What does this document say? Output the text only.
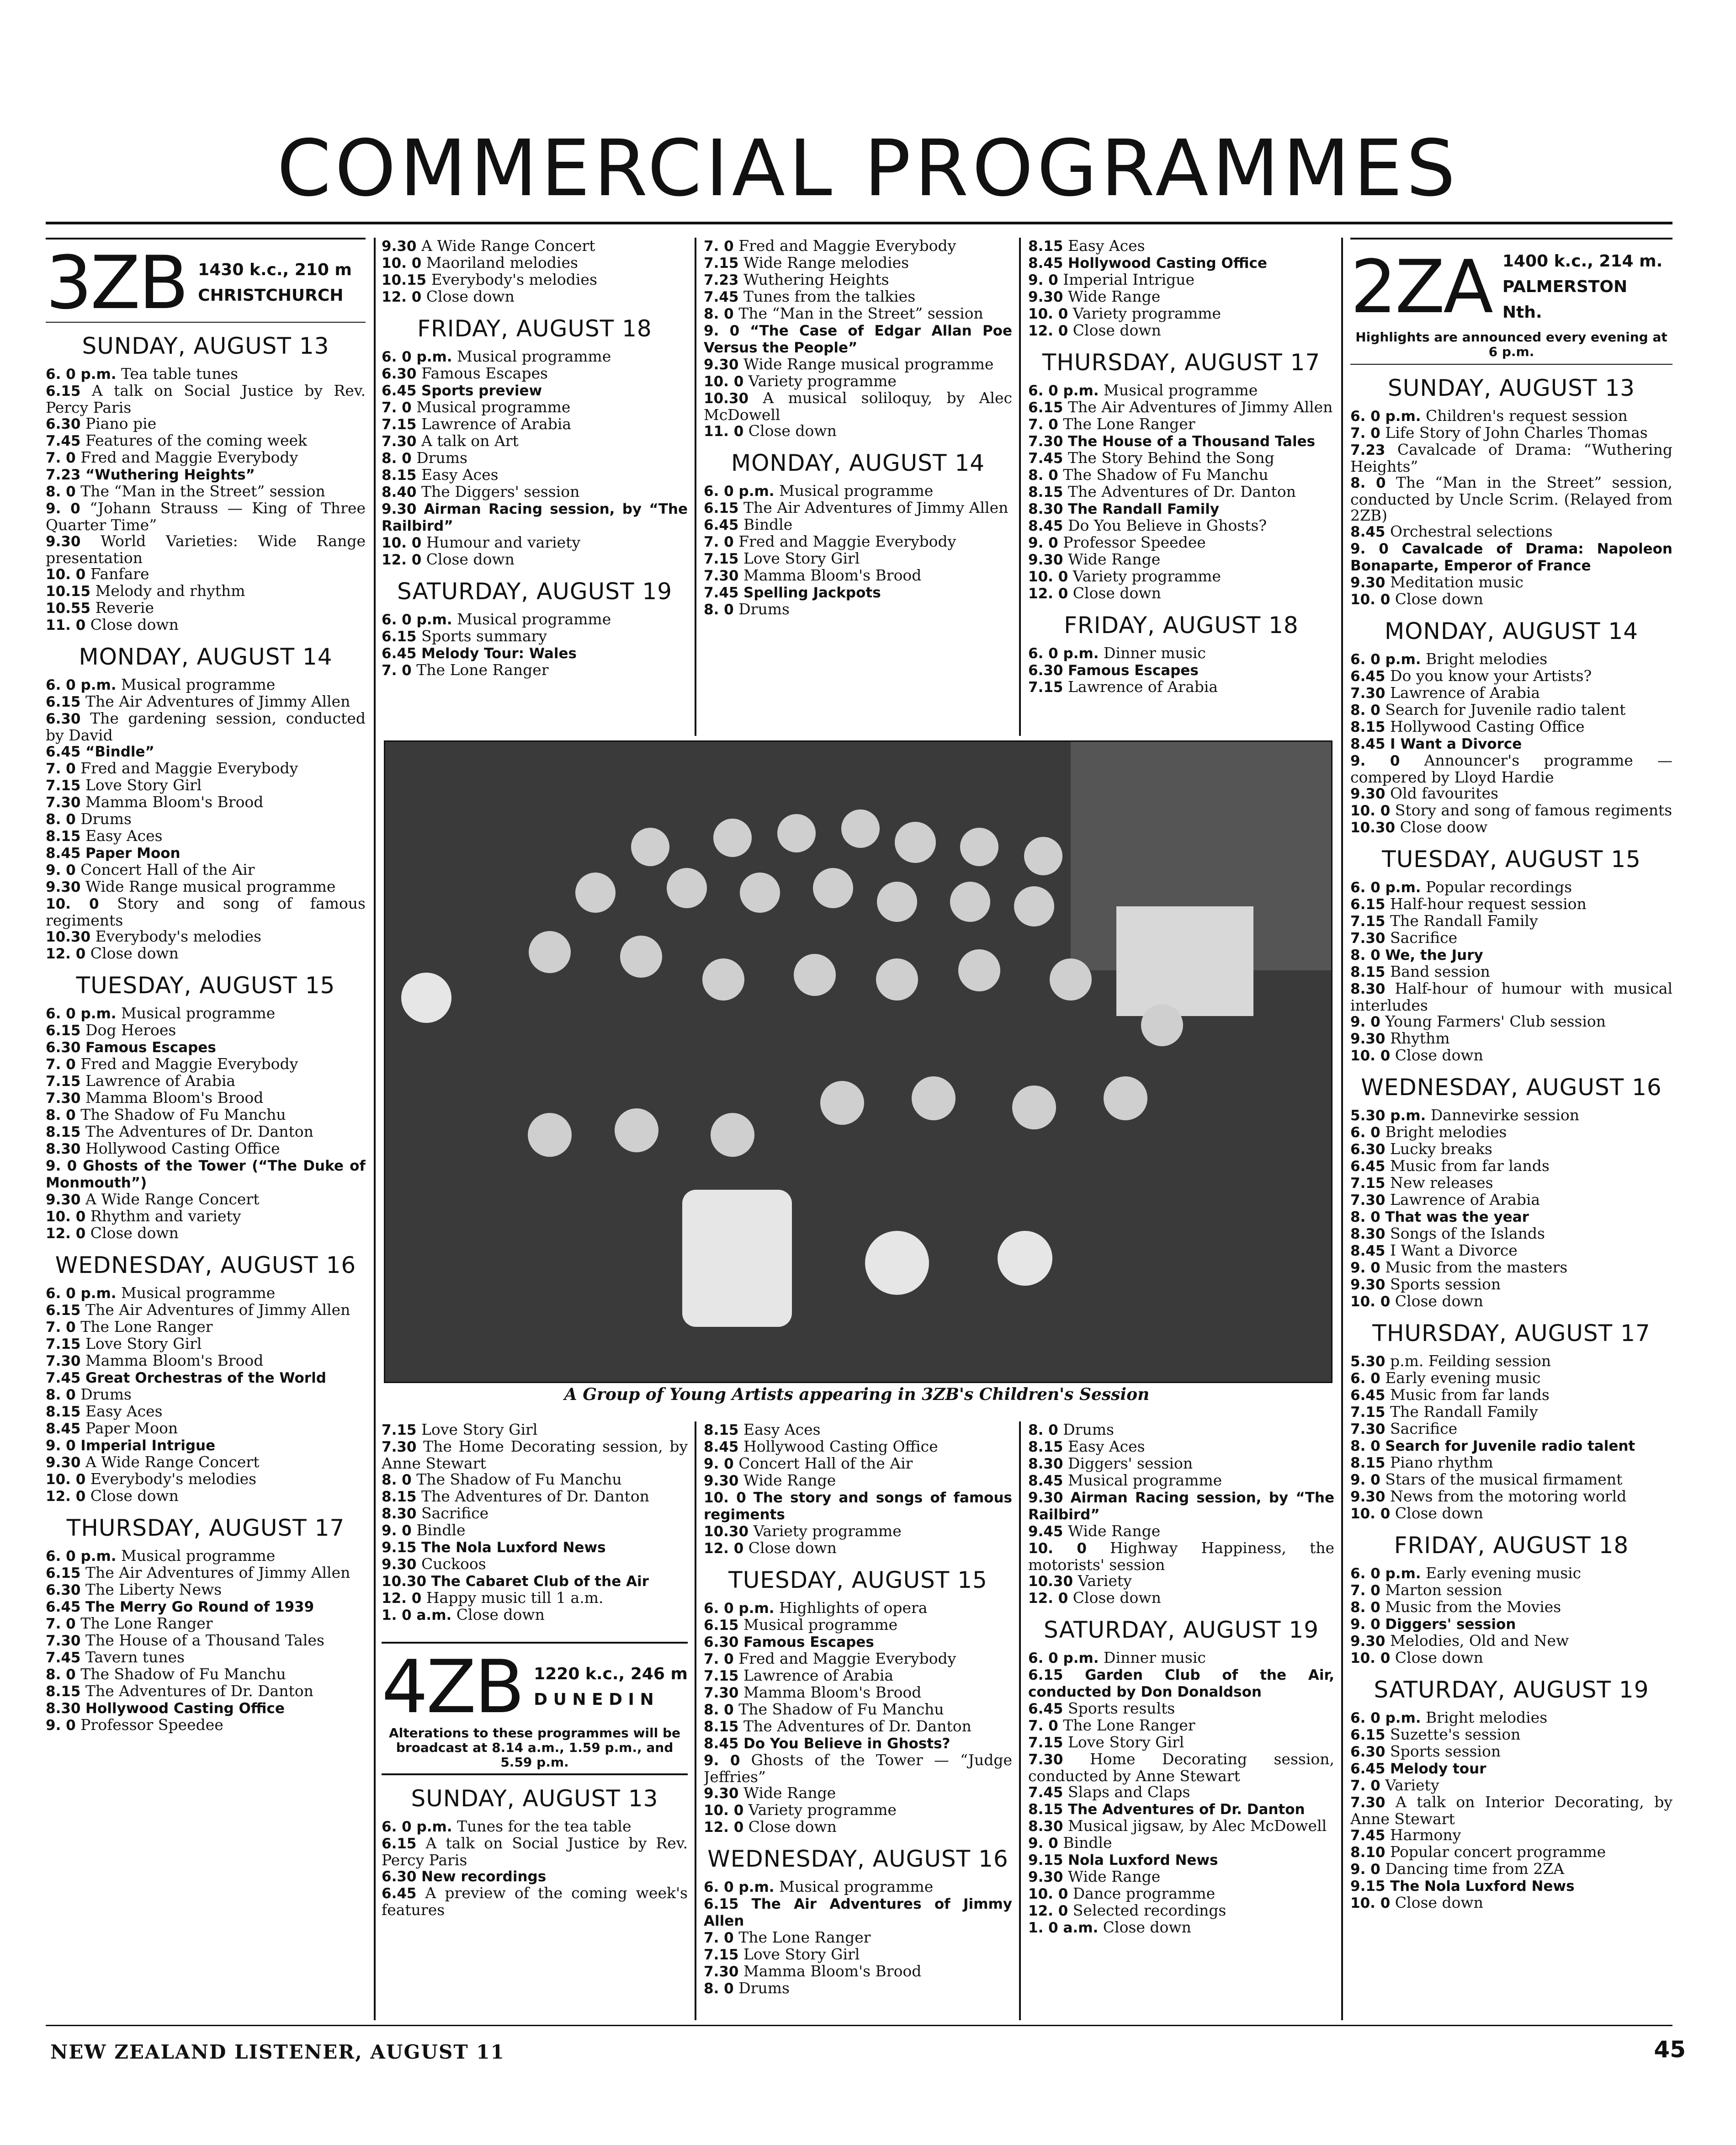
COMMERCIAL PROGRAMMES
3ZB 1430 k.c., 210 m
CHRISTCHURCH
SUNDAY, AUGUST 13
6. 0 p.m. Tea table tunes
6.15 A talk on Social Justice by Rev. Percy Paris
6.30 Piano pie
7.45 Features of the coming week
7. 0 Fred and Maggie Everybody
7.23 “Wuthering Heights”
8. 0 The “Man in the Street” session
9. 0 “Johann Strauss — King of Three Quarter Time”
9.30 World Varieties: Wide Range presentation
10. 0 Fanfare
10.15 Melody and rhythm
10.55 Reverie
11. 0 Close down
MONDAY, AUGUST 14
6. 0 p.m. Musical programme
6.15 The Air Adventures of Jimmy Allen
6.30 The gardening session, conducted by David
6.45 “Bindle”
7. 0 Fred and Maggie Everybody
7.15 Love Story Girl
7.30 Mamma Bloom's Brood
8. 0 Drums
8.15 Easy Aces
8.45 Paper Moon
9. 0 Concert Hall of the Air
9.30 Wide Range musical programme
10. 0 Story and song of famous regiments
10.30 Everybody's melodies
12. 0 Close down
TUESDAY, AUGUST 15
6. 0 p.m. Musical programme
6.15 Dog Heroes
6.30 Famous Escapes
7. 0 Fred and Maggie Everybody
7.15 Lawrence of Arabia
7.30 Mamma Bloom's Brood
8. 0 The Shadow of Fu Manchu
8.15 The Adventures of Dr. Danton
8.30 Hollywood Casting Office
9. 0 Ghosts of the Tower (“The Duke of Monmouth”)
9.30 A Wide Range Concert
10. 0 Rhythm and variety
12. 0 Close down
WEDNESDAY, AUGUST 16
6. 0 p.m. Musical programme
6.15 The Air Adventures of Jimmy Allen
7. 0 The Lone Ranger
7.15 Love Story Girl
7.30 Mamma Bloom's Brood
7.45 Great Orchestras of the World
8. 0 Drums
8.15 Easy Aces
8.45 Paper Moon
9. 0 Imperial Intrigue
9.30 A Wide Range Concert
10. 0 Everybody's melodies
12. 0 Close down
THURSDAY, AUGUST 17
6. 0 p.m. Musical programme
6.15 The Air Adventures of Jimmy Allen
6.30 The Liberty News
6.45 The Merry Go Round of 1939
7. 0 The Lone Ranger
7.30 The House of a Thousand Tales
7.45 Tavern tunes
8. 0 The Shadow of Fu Manchu
8.15 The Adventures of Dr. Danton
8.30 Hollywood Casting Office
9. 0 Professor Speedee
9.30 A Wide Range Concert
10. 0 Maoriland melodies
10.15 Everybody's melodies
12. 0 Close down
FRIDAY, AUGUST 18
6. 0 p.m. Musical programme
6.30 Famous Escapes
6.45 Sports preview
7. 0 Musical programme
7.15 Lawrence of Arabia
7.30 A talk on Art
8. 0 Drums
8.15 Easy Aces
8.40 The Diggers' session
9.30 Airman Racing session, by “The Railbird”
10. 0 Humour and variety
12. 0 Close down
SATURDAY, AUGUST 19
6. 0 p.m. Musical programme
6.15 Sports summary
6.45 Melody Tour: Wales
7. 0 The Lone Ranger
7. 0 Fred and Maggie Everybody
7.15 Wide Range melodies
7.23 Wuthering Heights
7.45 Tunes from the talkies
8. 0 The “Man in the Street” session
9. 0 “The Case of Edgar Allan Poe Versus the People”
9.30 Wide Range musical programme
10. 0 Variety programme
10.30 A musical soliloquy, by Alec McDowell
11. 0 Close down
MONDAY, AUGUST 14
6. 0 p.m. Musical programme
6.15 The Air Adventures of Jimmy Allen
6.45 Bindle
7. 0 Fred and Maggie Everybody
7.15 Love Story Girl
7.30 Mamma Bloom's Brood
7.45 Spelling Jackpots
8. 0 Drums
8.15 Easy Aces
8.45 Hollywood Casting Office
9. 0 Imperial Intrigue
9.30 Wide Range
10. 0 Variety programme
12. 0 Close down
THURSDAY, AUGUST 17
6. 0 p.m. Musical programme
6.15 The Air Adventures of Jimmy Allen
7. 0 The Lone Ranger
7.30 The House of a Thousand Tales
7.45 The Story Behind the Song
8. 0 The Shadow of Fu Manchu
8.15 The Adventures of Dr. Danton
8.30 The Randall Family
8.45 Do You Believe in Ghosts?
9. 0 Professor Speedee
9.30 Wide Range
10. 0 Variety programme
12. 0 Close down
FRIDAY, AUGUST 18
6. 0 p.m. Dinner music
6.30 Famous Escapes
7.15 Lawrence of Arabia
A Group of Young Artists appearing in 3ZB's Children's Session
7.15 Love Story Girl
7.30 The Home Decorating session, by Anne Stewart
8. 0 The Shadow of Fu Manchu
8.15 The Adventures of Dr. Danton
8.30 Sacrifice
9. 0 Bindle
9.15 The Nola Luxford News
9.30 Cuckoos
10.30 The Cabaret Club of the Air
12. 0 Happy music till 1 a.m.
1. 0 a.m. Close down
4ZB 1220 k.c., 246 m
D U N E D I N
Alterations to these programmes will be broadcast at 8.14 a.m., 1.59 p.m., and 5.59 p.m.
SUNDAY, AUGUST 13
6. 0 p.m. Tunes for the tea table
6.15 A talk on Social Justice by Rev. Percy Paris
6.30 New recordings
6.45 A preview of the coming week's features
8.15 Easy Aces
8.45 Hollywood Casting Office
9. 0 Concert Hall of the Air
9.30 Wide Range
10. 0 The story and songs of famous regiments
10.30 Variety programme
12. 0 Close down
TUESDAY, AUGUST 15
6. 0 p.m. Highlights of opera
6.15 Musical programme
6.30 Famous Escapes
7. 0 Fred and Maggie Everybody
7.15 Lawrence of Arabia
7.30 Mamma Bloom's Brood
8. 0 The Shadow of Fu Manchu
8.15 The Adventures of Dr. Danton
8.45 Do You Believe in Ghosts?
9. 0 Ghosts of the Tower — “Judge Jeffries”
9.30 Wide Range
10. 0 Variety programme
12. 0 Close down
WEDNESDAY, AUGUST 16
6. 0 p.m. Musical programme
6.15 The Air Adventures of Jimmy Allen
7. 0 The Lone Ranger
7.15 Love Story Girl
7.30 Mamma Bloom's Brood
8. 0 Drums
8. 0 Drums
8.15 Easy Aces
8.30 Diggers' session
8.45 Musical programme
9.30 Airman Racing session, by “The Railbird”
9.45 Wide Range
10. 0 Highway Happiness, the motorists' session
10.30 Variety
12. 0 Close down
SATURDAY, AUGUST 19
6. 0 p.m. Dinner music
6.15 Garden Club of the Air, conducted by Don Donaldson
6.45 Sports results
7. 0 The Lone Ranger
7.15 Love Story Girl
7.30 Home Decorating session, conducted by Anne Stewart
7.45 Slaps and Claps
8.15 The Adventures of Dr. Danton
8.30 Musical jigsaw, by Alec McDowell
9. 0 Bindle
9.15 Nola Luxford News
9.30 Wide Range
10. 0 Dance programme
12. 0 Selected recordings
1. 0 a.m. Close down
2ZA 1400 k.c., 214 m.
PALMERSTON Nth.
Highlights are announced every evening at 6 p.m.
SUNDAY, AUGUST 13
6. 0 p.m. Children's request session
7. 0 Life Story of John Charles Thomas
7.23 Cavalcade of Drama: “Wuthering Heights”
8. 0 The “Man in the Street” session, conducted by Uncle Scrim. (Relayed from 2ZB)
8.45 Orchestral selections
9. 0 Cavalcade of Drama: Napoleon Bonaparte, Emperor of France
9.30 Meditation music
10. 0 Close down
MONDAY, AUGUST 14
6. 0 p.m. Bright melodies
6.45 Do you know your Artists?
7.30 Lawrence of Arabia
8. 0 Search for Juvenile radio talent
8.15 Hollywood Casting Office
8.45 I Want a Divorce
9. 0 Announcer's programme — compered by Lloyd Hardie
9.30 Old favourites
10. 0 Story and song of famous regiments
10.30 Close doow
TUESDAY, AUGUST 15
6. 0 p.m. Popular recordings
6.15 Half-hour request session
7.15 The Randall Family
7.30 Sacrifice
8. 0 We, the Jury
8.15 Band session
8.30 Half-hour of humour with musical interludes
9. 0 Young Farmers' Club session
9.30 Rhythm
10. 0 Close down
WEDNESDAY, AUGUST 16
5.30 p.m. Dannevirke session
6. 0 Bright melodies
6.30 Lucky breaks
6.45 Music from far lands
7.15 New releases
7.30 Lawrence of Arabia
8. 0 That was the year
8.30 Songs of the Islands
8.45 I Want a Divorce
9. 0 Music from the masters
9.30 Sports session
10. 0 Close down
THURSDAY, AUGUST 17
5.30 p.m. Feilding session
6. 0 Early evening music
6.45 Music from far lands
7.15 The Randall Family
7.30 Sacrifice
8. 0 Search for Juvenile radio talent
8.15 Piano rhythm
9. 0 Stars of the musical firmament
9.30 News from the motoring world
10. 0 Close down
FRIDAY, AUGUST 18
6. 0 p.m. Early evening music
7. 0 Marton session
8. 0 Music from the Movies
9. 0 Diggers' session
9.30 Melodies, Old and New
10. 0 Close down
SATURDAY, AUGUST 19
6. 0 p.m. Bright melodies
6.15 Suzette's session
6.30 Sports session
6.45 Melody tour
7. 0 Variety
7.30 A talk on Interior Decorating, by Anne Stewart
7.45 Harmony
8.10 Popular concert programme
9. 0 Dancing time from 2ZA
9.15 The Nola Luxford News
10. 0 Close down
NEW ZEALAND LISTENER, AUGUST 11	45
